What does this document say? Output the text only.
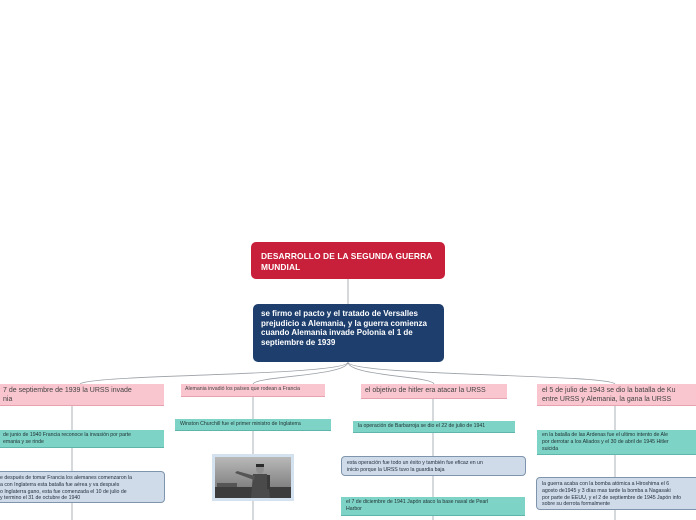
DESARROLLO DE LA SEGUNDA GUERRA MUNDIAL
se firmo el pacto y el tratado de Versalles prejudicio a Alemania, y la guerra comienza cuando Alemania invade Polonia el 1 de septiembre de 1939
7 de septiembre de 1939 la URSS invade
nia
de junio de 1940 Francia reconoce la invasión por parte
emania y se rinde
e después de tomar Francia los alemanes comenzaron la
a con Inglaterra esta batalla fue aérea y va después
o Inglaterra gano, esta fue comenzada el 10 de julio de
y termino el 31 de octubre de 1940
Alemania invadió los países que rodean a Francia
Winston Churchill fue el primer ministro de Inglaterra
el objetivo de hitler era atacar la URSS
la operación de Barbarroja se dio el 22 de julio de 1941
esta operación fue todo un éxito y también fue eficaz en un
inicio porque la URSS tuvo la guardia baja
el 7 de diciembre de 1941 Japón ataco la base naval de Pearl
Harbor
el 5 de julio de 1943 se dio la batalla de Ku
entre URSS y Alemania, la gana la URSS
en la batalla de las Ardenas fue el ultimo intento de Ale
por derrotar a los Aliados y el 30 de abril de 1945 Hitler
suicida
la guerra acaba con la bomba atómica a Hiroshima el 6
agosto de1945 y 3 días mas tarde la bomba a Nagasaki
por parte de EEUU, y el 2 de septiembre de 1945 Japón info
sobre su derrota formalmente
